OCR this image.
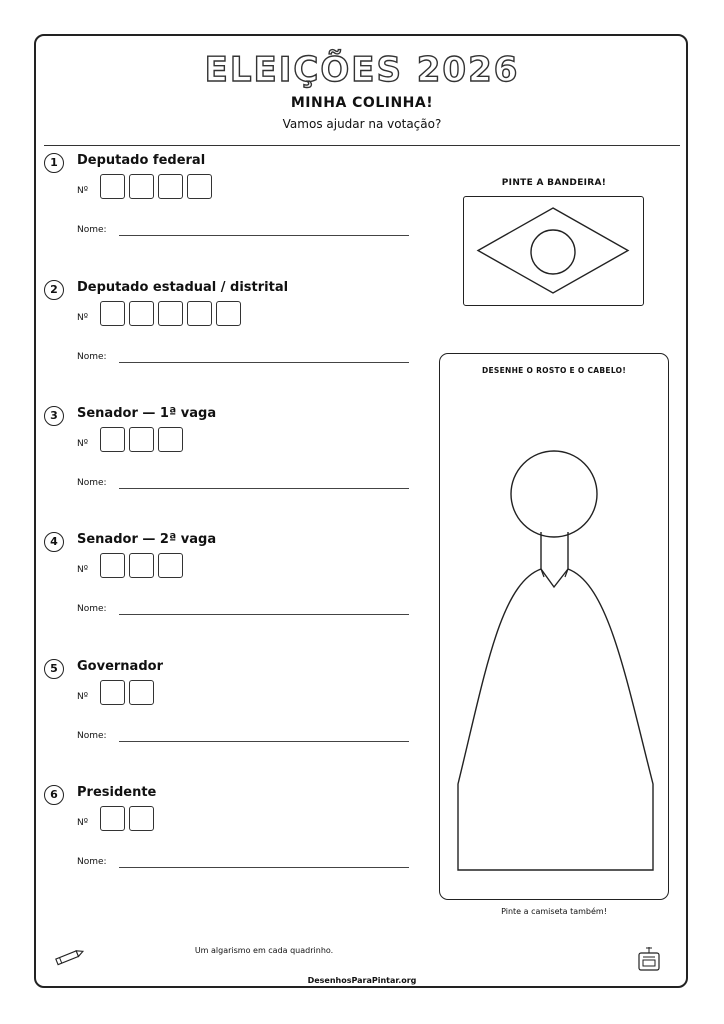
ELEIÇÕES 2026
MINHA COLINHA!
Vamos ajudar na votação?
1	Deputado federal
Nº
Nome:
2	Deputado estadual / distrital
Nº
Nome:
3	Senador — 1ª vaga
Nº
Nome:
4	Senador — 2ª vaga
Nº
Nome:
5	Governador
Nº
Nome:
6	Presidente
Nº
Nome:
PINTE A BANDEIRA!
DESENHE O ROSTO E O CABELO!
Pinte a camiseta também!
Um algarismo em cada quadrinho.
DesenhosParaPintar.org
